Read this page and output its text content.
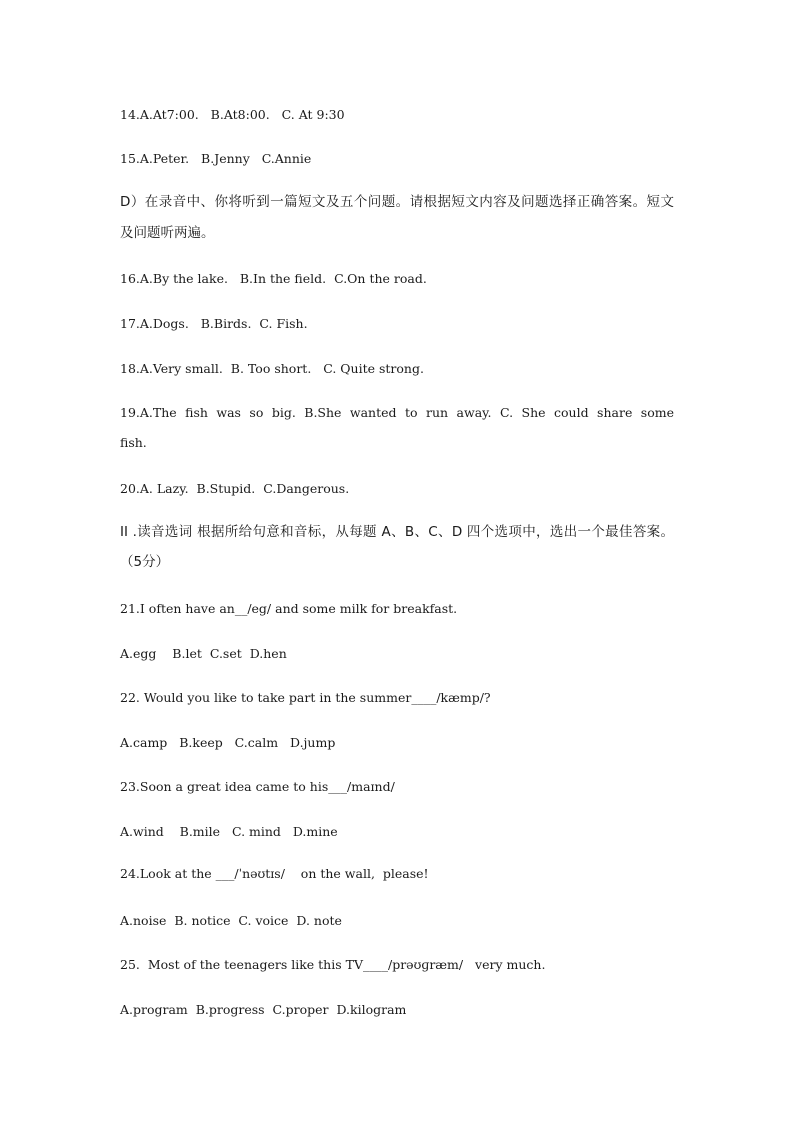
14.A.At7:00.   B.At8:00.   C. At 9:30
15.A.Peter.   B.Jenny   C.Annie
D）在录音中、你将听到一篇短文及五个问题。请根据短文内容及问题选择正确答案。短文
及问题听两遍。
16.A.By the lake.   B.In the field.  C.On the road.
17.A.Dogs.   B.Birds.  C. Fish.
18.A.Very small.  B. Too short.   C. Quite strong.
19.A.The fish was so big. B.She wanted to run away. C. She could share some
fish.
20.A. Lazy.  B.Stupid.  C.Dangerous.
II .读音选词 根据所给句意和音标，从每题 A、B、C、D 四个选项中，选出一个最佳答案。
（5分）
21.I often have an__/eg/ and some milk for breakfast.
A.egg    B.let  C.set  D.hen
22. Would you like to take part in the summer____/kæmp/?
A.camp   B.keep   C.calm   D.jump
23.Soon a great idea came to his___/maɪnd/
A.wind    B.mile   C. mind   D.mine
24.Look at the ___/ˈnəʊtɪs/    on the wall,  please!
A.noise  B. notice  C. voice  D. note
25.  Most of the teenagers like this TV____/prəʊɡræm/   very much.
A.program  B.progress  C.proper  D.kilogram
